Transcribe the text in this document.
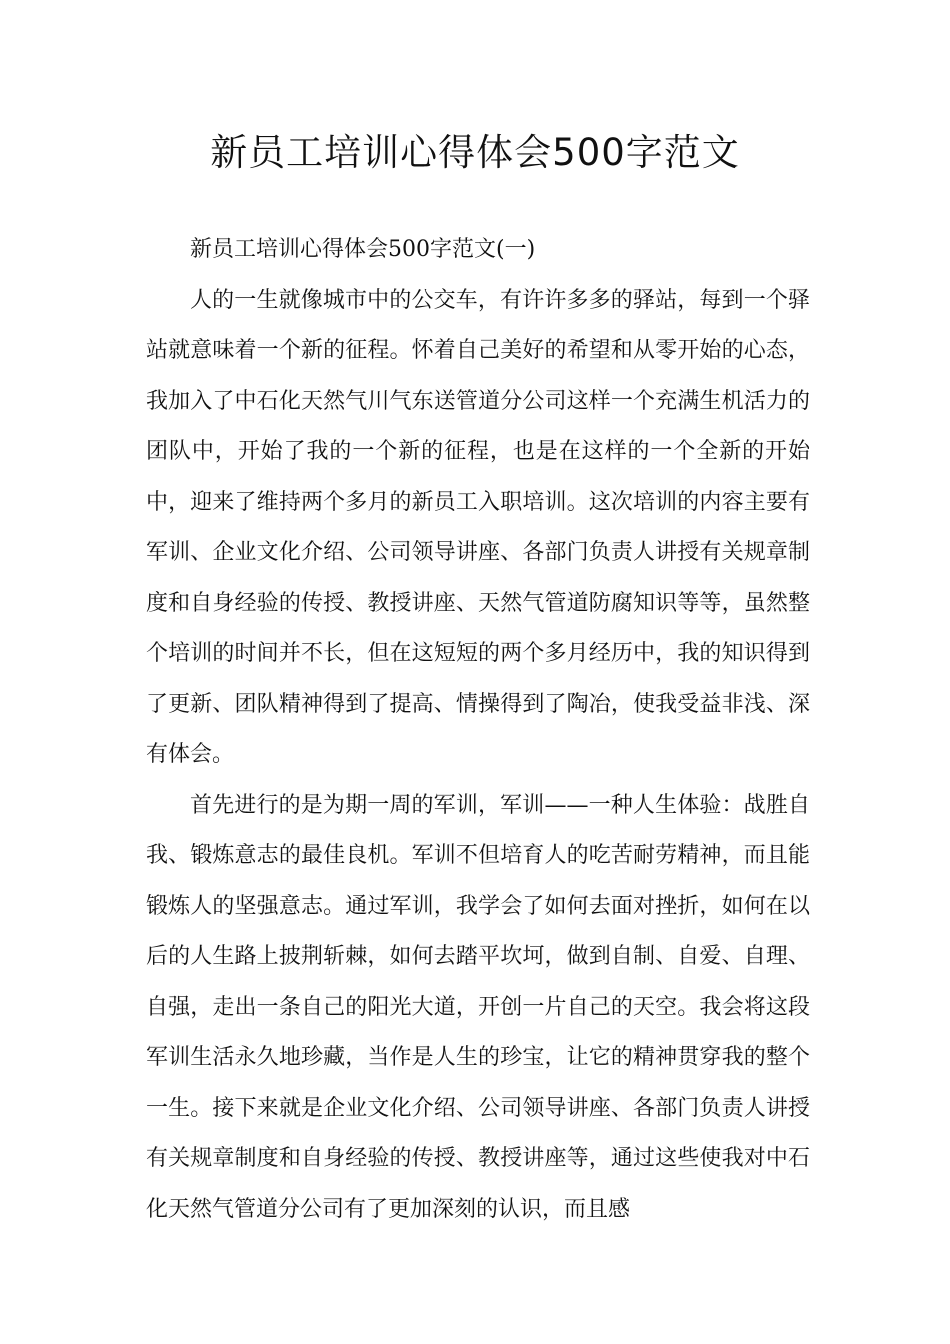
新员工培训心得体会500字范文

新员工培训心得体会500字范文(一)

人的一生就像城市中的公交车，有许许多多的驿站，每到一个驿站就意味着一个新的征程。怀着自己美好的希望和从零开始的心态，我加入了中石化天然气川气东送管道分公司这样一个充满生机活力的团队中，开始了我的一个新的征程，也是在这样的一个全新的开始中，迎来了维持两个多月的新员工入职培训。这次培训的内容主要有军训、企业文化介绍、公司领导讲座、各部门负责人讲授有关规章制度和自身经验的传授、教授讲座、天然气管道防腐知识等等，虽然整个培训的时间并不长，但在这短短的两个多月经历中，我的知识得到了更新、团队精神得到了提高、情操得到了陶冶，使我受益非浅、深有体会。

首先进行的是为期一周的军训，军训——一种人生体验：战胜自我、锻炼意志的最佳良机。军训不但培育人的吃苦耐劳精神，而且能锻炼人的坚强意志。通过军训，我学会了如何去面对挫折，如何在以后的人生路上披荆斩棘，如何去踏平坎坷，做到自制、自爱、自理、自强，走出一条自己的阳光大道，开创一片自己的天空。我会将这段军训生活永久地珍藏，当作是人生的珍宝，让它的精神贯穿我的整个一生。接下来就是企业文化介绍、公司领导讲座、各部门负责人讲授有关规章制度和自身经验的传授、教授讲座等，通过这些使我对中石化天然气管道分公司有了更加深刻的认识，而且感
